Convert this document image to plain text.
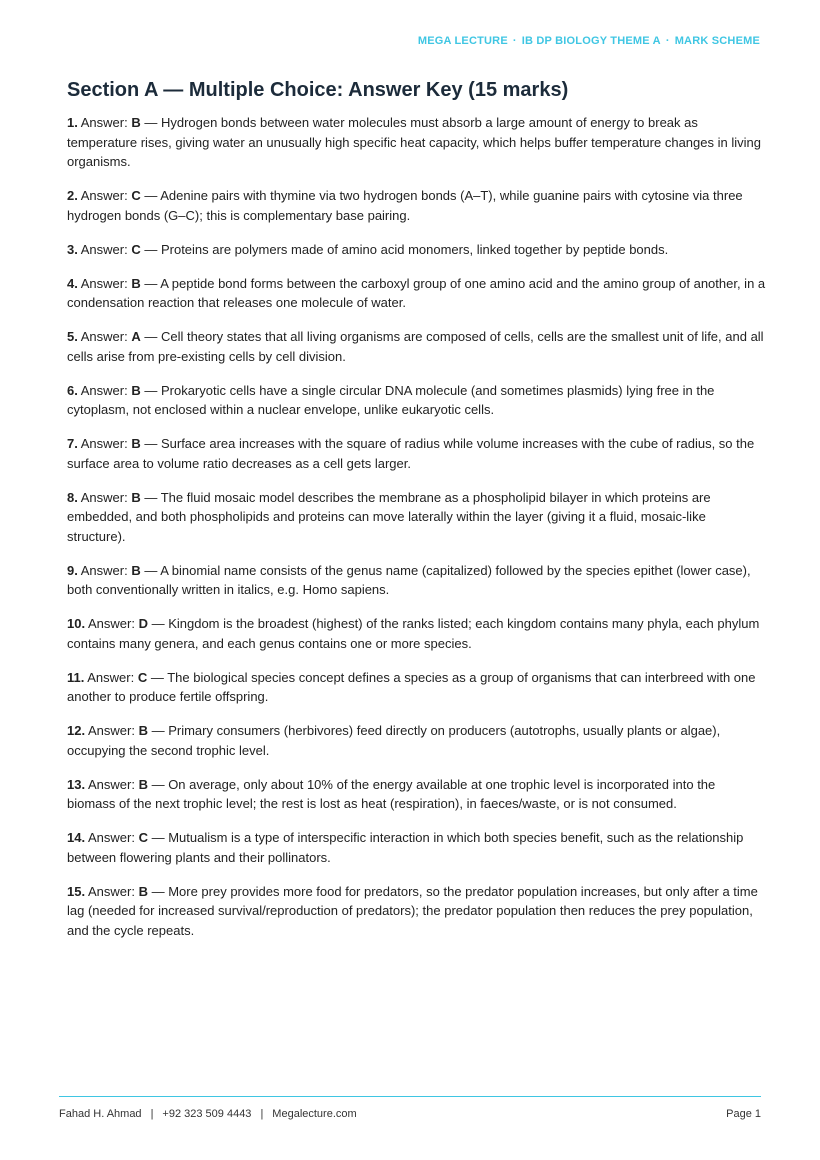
MEGA LECTURE · IB DP BIOLOGY THEME A · MARK SCHEME
Section A — Multiple Choice: Answer Key (15 marks)
1. Answer: B — Hydrogen bonds between water molecules must absorb a large amount of energy to break as temperature rises, giving water an unusually high specific heat capacity, which helps buffer temperature changes in living organisms.
2. Answer: C — Adenine pairs with thymine via two hydrogen bonds (A–T), while guanine pairs with cytosine via three hydrogen bonds (G–C); this is complementary base pairing.
3. Answer: C — Proteins are polymers made of amino acid monomers, linked together by peptide bonds.
4. Answer: B — A peptide bond forms between the carboxyl group of one amino acid and the amino group of another, in a condensation reaction that releases one molecule of water.
5. Answer: A — Cell theory states that all living organisms are composed of cells, cells are the smallest unit of life, and all cells arise from pre-existing cells by cell division.
6. Answer: B — Prokaryotic cells have a single circular DNA molecule (and sometimes plasmids) lying free in the cytoplasm, not enclosed within a nuclear envelope, unlike eukaryotic cells.
7. Answer: B — Surface area increases with the square of radius while volume increases with the cube of radius, so the surface area to volume ratio decreases as a cell gets larger.
8. Answer: B — The fluid mosaic model describes the membrane as a phospholipid bilayer in which proteins are embedded, and both phospholipids and proteins can move laterally within the layer (giving it a fluid, mosaic-like structure).
9. Answer: B — A binomial name consists of the genus name (capitalized) followed by the species epithet (lower case), both conventionally written in italics, e.g. Homo sapiens.
10. Answer: D — Kingdom is the broadest (highest) of the ranks listed; each kingdom contains many phyla, each phylum contains many genera, and each genus contains one or more species.
11. Answer: C — The biological species concept defines a species as a group of organisms that can interbreed with one another to produce fertile offspring.
12. Answer: B — Primary consumers (herbivores) feed directly on producers (autotrophs, usually plants or algae), occupying the second trophic level.
13. Answer: B — On average, only about 10% of the energy available at one trophic level is incorporated into the biomass of the next trophic level; the rest is lost as heat (respiration), in faeces/waste, or is not consumed.
14. Answer: C — Mutualism is a type of interspecific interaction in which both species benefit, such as the relationship between flowering plants and their pollinators.
15. Answer: B — More prey provides more food for predators, so the predator population increases, but only after a time lag (needed for increased survival/reproduction of predators); the predator population then reduces the prey population, and the cycle repeats.
Fahad H. Ahmad | +92 323 509 4443 | Megalecture.com	Page 1
